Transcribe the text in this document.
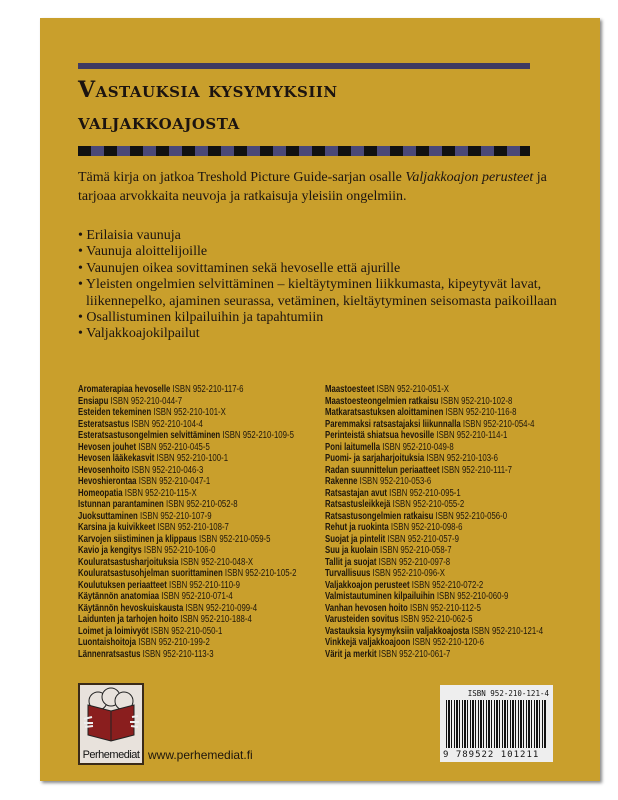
Vastauksia kysymyksiin
valjakkoajosta
Tämä kirja on jatkoa Treshold Picture Guide-sarjan osalle Valjakkoajon perusteet ja tarjoaa arvokkaita neuvoja ja ratkaisuja yleisiin ongelmiin.
• Erilaisia vaunuja
• Vaunuja aloittelijoille
• Vaunujen oikea sovittaminen sekä hevoselle että ajurille
• Yleisten ongelmien selvittäminen – kieltäytyminen liikkumasta, kipeytyvät lavat, liikennepelko, ajaminen seurassa, vetäminen, kieltäytyminen seisomasta paikoillaan
• Osallistuminen kilpailuihin ja tapahtumiin
• Valjakkoajokilpailut
Aromaterapiaa hevoselle ISBN 952-210-117-6
Ensiapu ISBN 952-210-044-7
Esteiden tekeminen ISBN 952-210-101-X
Esteratsastus ISBN 952-210-104-4
Esteratsastusongelmien selvittäminen ISBN 952-210-109-5
Hevosen jouhet ISBN 952-210-045-5
Hevosen lääkekasvit ISBN 952-210-100-1
Hevosenhoito ISBN 952-210-046-3
Hevoshierontaa ISBN 952-210-047-1
Homeopatia ISBN 952-210-115-X
Istunnan parantaminen ISBN 952-210-052-8
Juoksuttaminen ISBN 952-210-107-9
Karsina ja kuivikkeet ISBN 952-210-108-7
Karvojen siistiminen ja klippaus ISBN 952-210-059-5
Kavio ja kengitys ISBN 952-210-106-0
Kouluratsastusharjoituksia ISBN 952-210-048-X
Kouluratsastusohjelman suorittaminen ISBN 952-210-105-2
Koulutuksen periaatteet ISBN 952-210-110-9
Käytännön anatomiaa ISBN 952-210-071-4
Käytännön hevoskuiskausta ISBN 952-210-099-4
Laidunten ja tarhojen hoito ISBN 952-210-188-4
Loimet ja loimivyöt ISBN 952-210-050-1
Luontaishoitoja ISBN 952-210-199-2
Lännenratsastus ISBN 952-210-113-3
Maastoesteet ISBN 952-210-051-X
Maastoesteongelmien ratkaisu ISBN 952-210-102-8
Matkaratsastuksen aloittaminen ISBN 952-210-116-8
Paremmaksi ratsastajaksi liikunnalla ISBN 952-210-054-4
Perinteistä shiatsua hevosille ISBN 952-210-114-1
Poni laitumella ISBN 952-210-049-8
Puomi- ja sarjaharjoituksia ISBN 952-210-103-6
Radan suunnittelun periaatteet ISBN 952-210-111-7
Rakenne ISBN 952-210-053-6
Ratsastajan avut ISBN 952-210-095-1
Ratsastusleikkejä ISBN 952-210-055-2
Ratsastusongelmien ratkaisu ISBN 952-210-056-0
Rehut ja ruokinta ISBN 952-210-098-6
Suojat ja pintelit ISBN 952-210-057-9
Suu ja kuolain ISBN 952-210-058-7
Tallit ja suojat ISBN 952-210-097-8
Turvallisuus ISBN 952-210-096-X
Valjakkoajon perusteet ISBN 952-210-072-2
Valmistautuminen kilpailuihin ISBN 952-210-060-9
Vanhan hevosen hoito ISBN 952-210-112-5
Varusteiden sovitus ISBN 952-210-062-5
Vastauksia kysymyksiin valjakkoajosta ISBN 952-210-121-4
Vinkkejä valjakkoajoon ISBN 952-210-120-6
Värit ja merkit ISBN 952-210-061-7
Perhemediat www.perhemediat.fi
ISBN 952-210-121-4
9 789522 101211
